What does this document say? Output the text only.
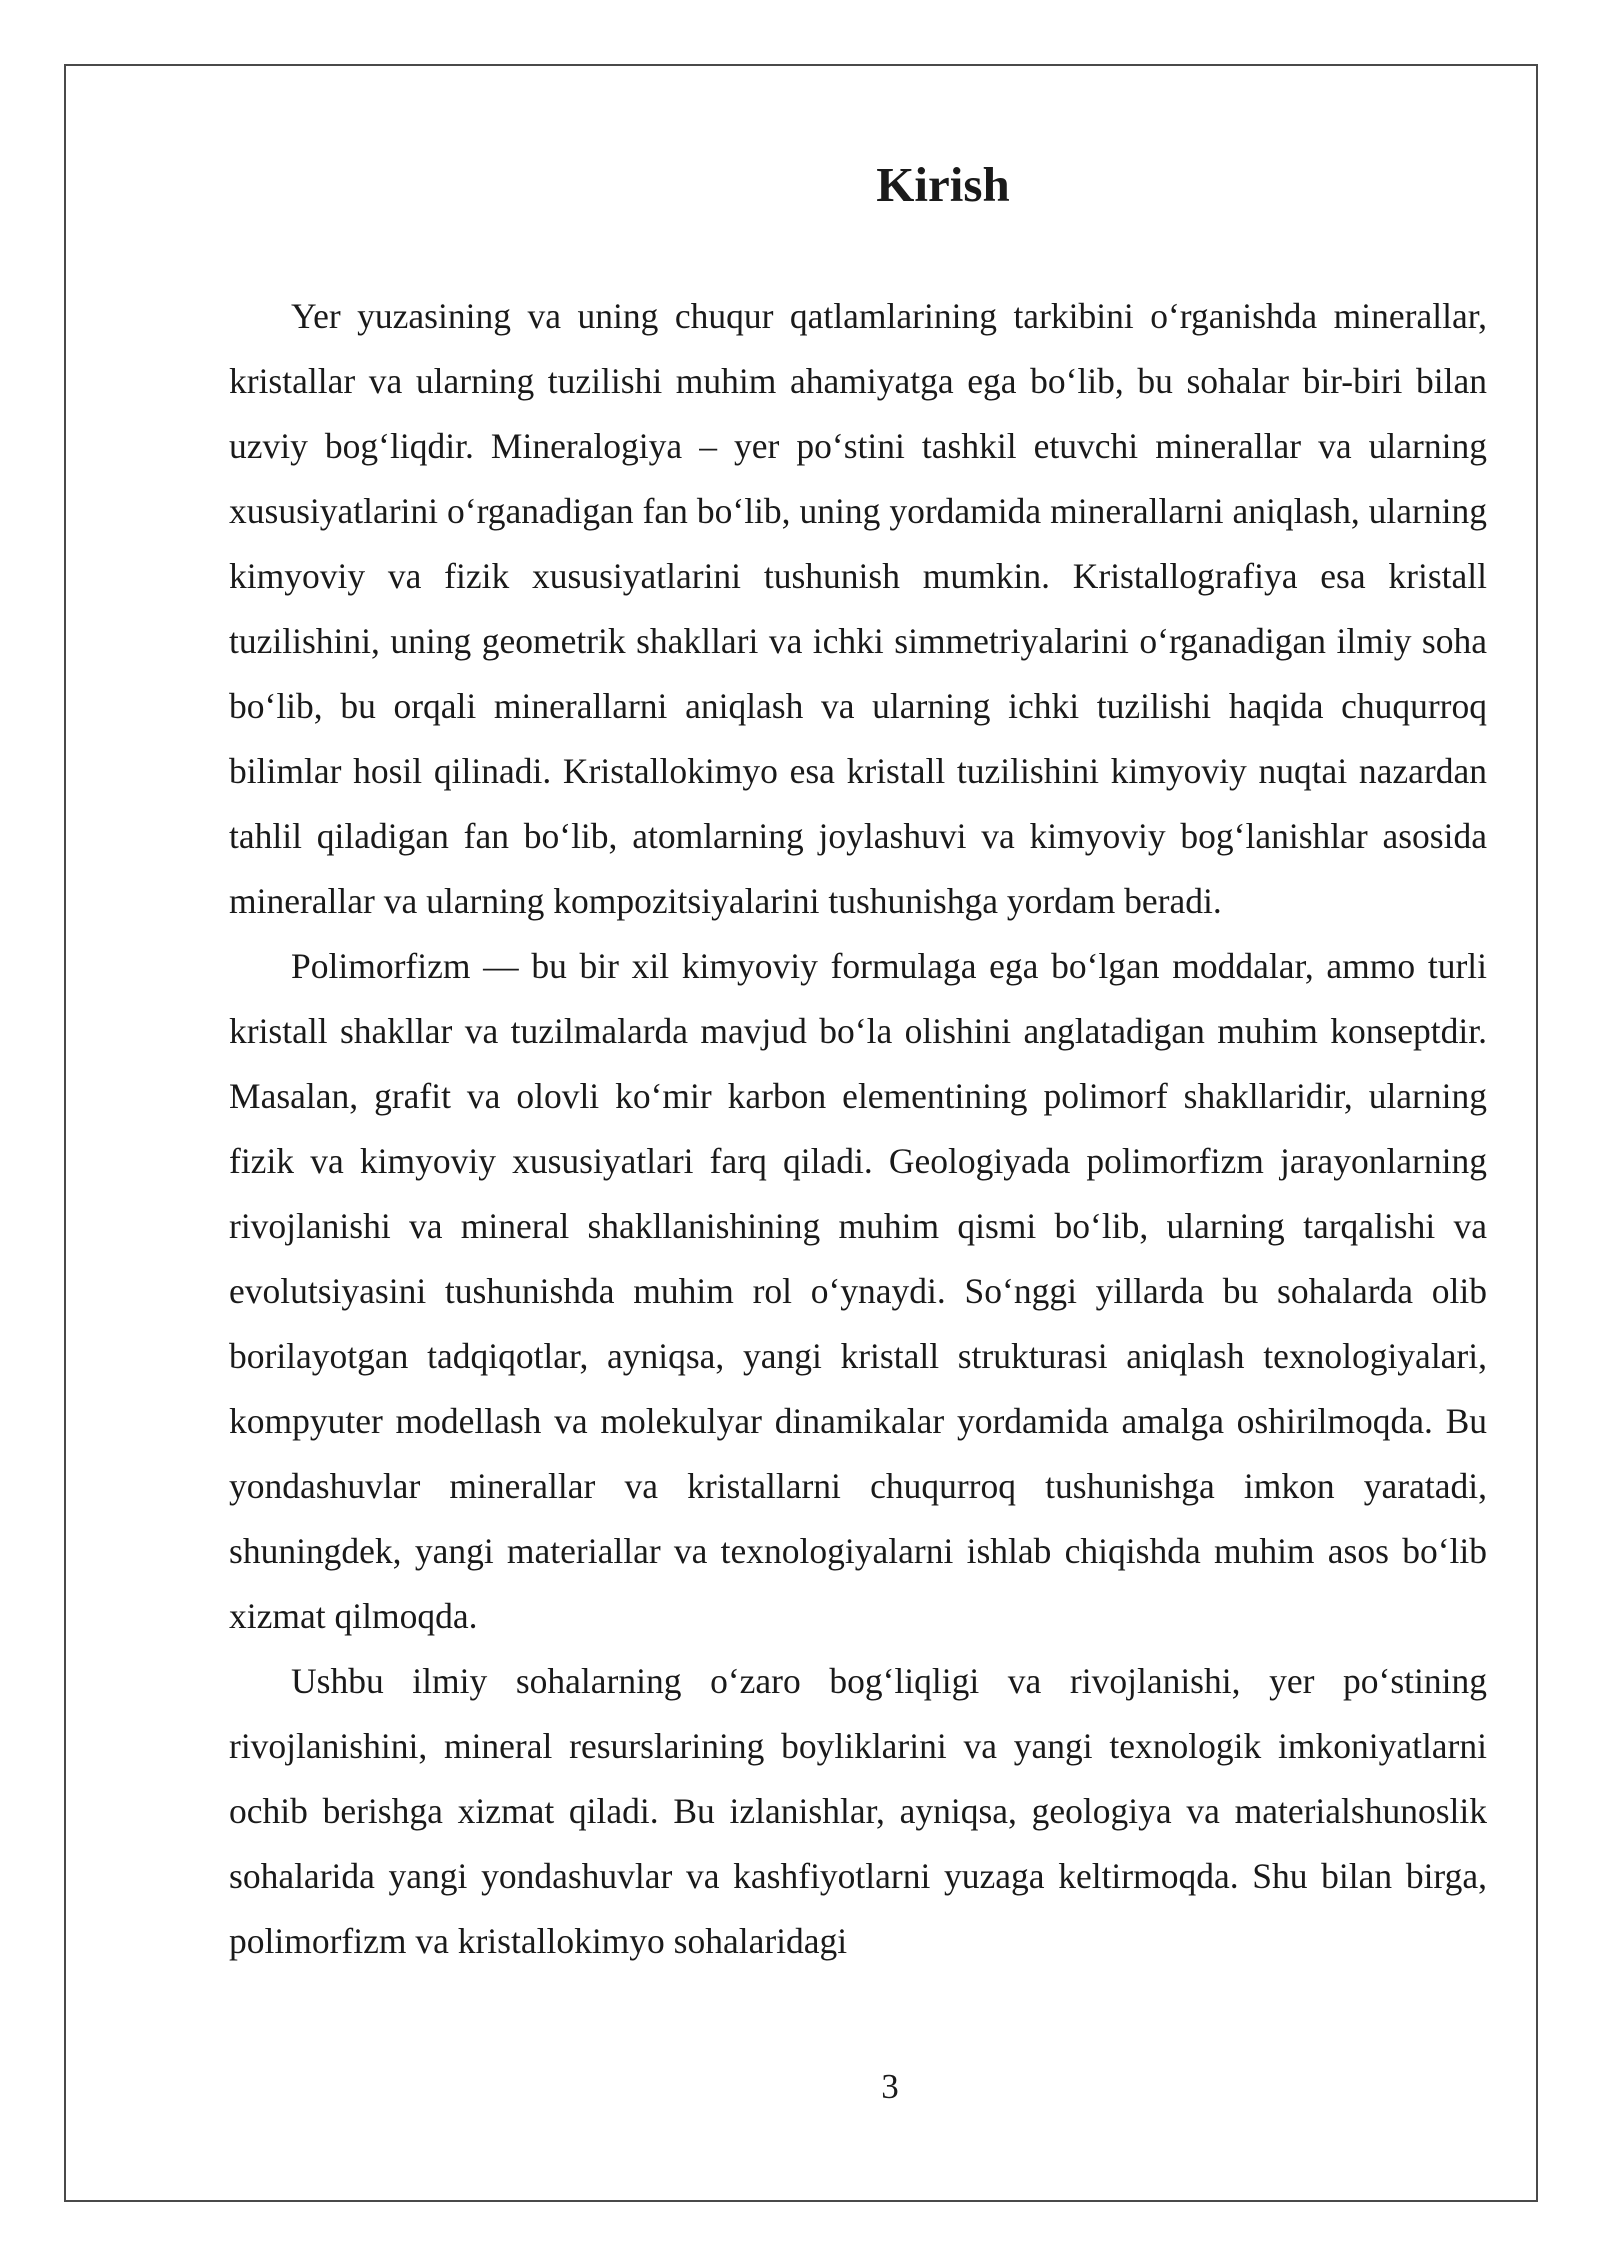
Kirish

Yer yuzasining va uning chuqur qatlamlarining tarkibini o‘rganishda minerallar, kristallar va ularning tuzilishi muhim ahamiyatga ega bo‘lib, bu sohalar bir-biri bilan uzviy bog‘liqdir. Mineralogiya – yer po‘stini tashkil etuvchi minerallar va ularning xususiyatlarini o‘rganadigan fan bo‘lib, uning yordamida minerallarni aniqlash, ularning kimyoviy va fizik xususiyatlarini tushunish mumkin. Kristallografiya esa kristall tuzilishini, uning geometrik shakllari va ichki simmetriyalarini o‘rganadigan ilmiy soha bo‘lib, bu orqali minerallarni aniqlash va ularning ichki tuzilishi haqida chuqurroq bilimlar hosil qilinadi. Kristallokimyo esa kristall tuzilishini kimyoviy nuqtai nazardan tahlil qiladigan fan bo‘lib, atomlarning joylashuvi va kimyoviy bog‘lanishlar asosida minerallar va ularning kompozitsiyalarini tushunishga yordam beradi.

Polimorfizm — bu bir xil kimyoviy formulaga ega bo‘lgan moddalar, ammo turli kristall shakllar va tuzilmalarda mavjud bo‘la olishini anglatadigan muhim konseptdir. Masalan, grafit va olovli ko‘mir karbon elementining polimorf shakllaridir, ularning fizik va kimyoviy xususiyatlari farq qiladi. Geologiyada polimorfizm jarayonlarning rivojlanishi va mineral shakllanishining muhim qismi bo‘lib, ularning tarqalishi va evolutsiyasini tushunishda muhim rol o‘ynaydi. So‘nggi yillarda bu sohalarda olib borilayotgan tadqiqotlar, ayniqsa, yangi kristall strukturasi aniqlash texnologiyalari, kompyuter modellash va molekulyar dinamikalar yordamida amalga oshirilmoqda. Bu yondashuvlar minerallar va kristallarni chuqurroq tushunishga imkon yaratadi, shuningdek, yangi materiallar va texnologiyalarni ishlab chiqishda muhim asos bo‘lib xizmat qilmoqda.

Ushbu ilmiy sohalarning o‘zaro bog‘liqligi va rivojlanishi, yer po‘stining rivojlanishini, mineral resurslarining boyliklarini va yangi texnologik imkoniyatlarni ochib berishga xizmat qiladi. Bu izlanishlar, ayniqsa, geologiya va materialshunoslik sohalarida yangi yondashuvlar va kashfiyotlarni yuzaga keltirmoqda. Shu bilan birga, polimorfizm va kristallokimyo sohalaridagi

3
